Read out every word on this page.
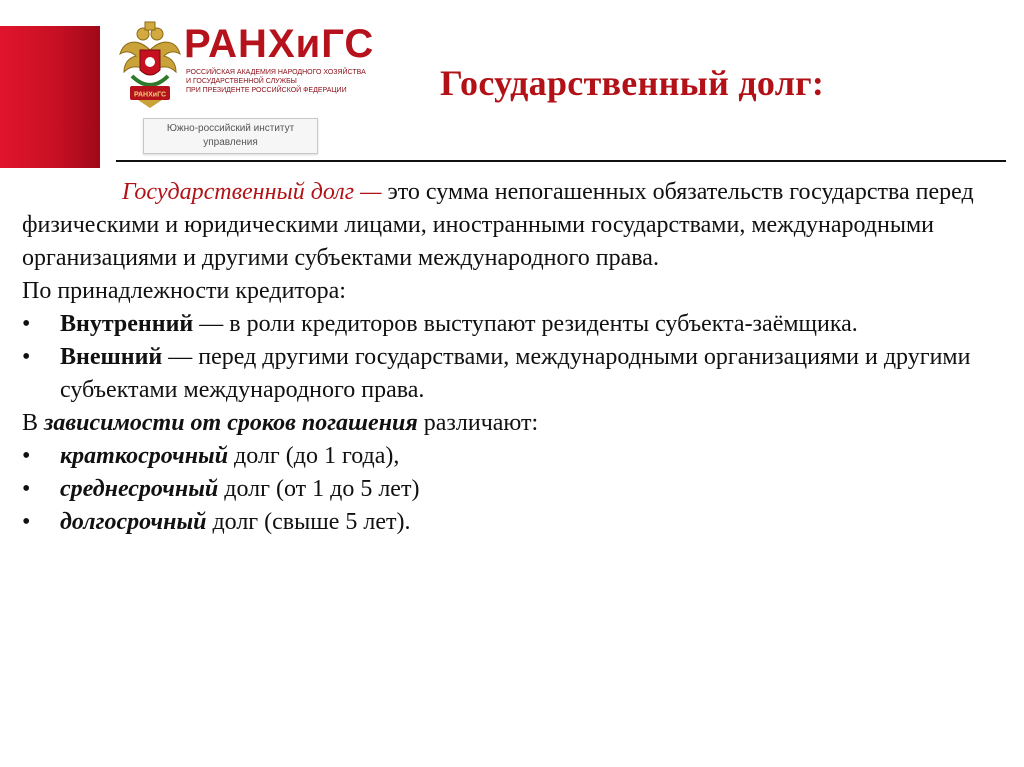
РАНХиГС
РАНХиГС
РОССИЙСКАЯ АКАДЕМИЯ НАРОДНОГО ХОЗЯЙСТВА
И ГОСУДАРСТВЕННОЙ СЛУЖБЫ
ПРИ ПРЕЗИДЕНТЕ РОССИЙСКОЙ ФЕДЕРАЦИИ
Южно-российский институт
управления
Государственный долг:

Государственный долг — это сумма непогашенных обязательств государства перед физическими и юридическими лицами, иностранными государствами, международными организациями и другими субъектами международного права.

По принадлежности кредитора:

• Внутренний — в роли кредиторов выступают резиденты субъекта-заёмщика.
• Внешний — перед другими государствами, международными организациями и другими субъектами международного права.

В зависимости от сроков погашения различают:

• краткосрочный долг (до 1 года),
• среднесрочный долг (от 1 до 5 лет)
• долгосрочный долг (свыше 5 лет).
